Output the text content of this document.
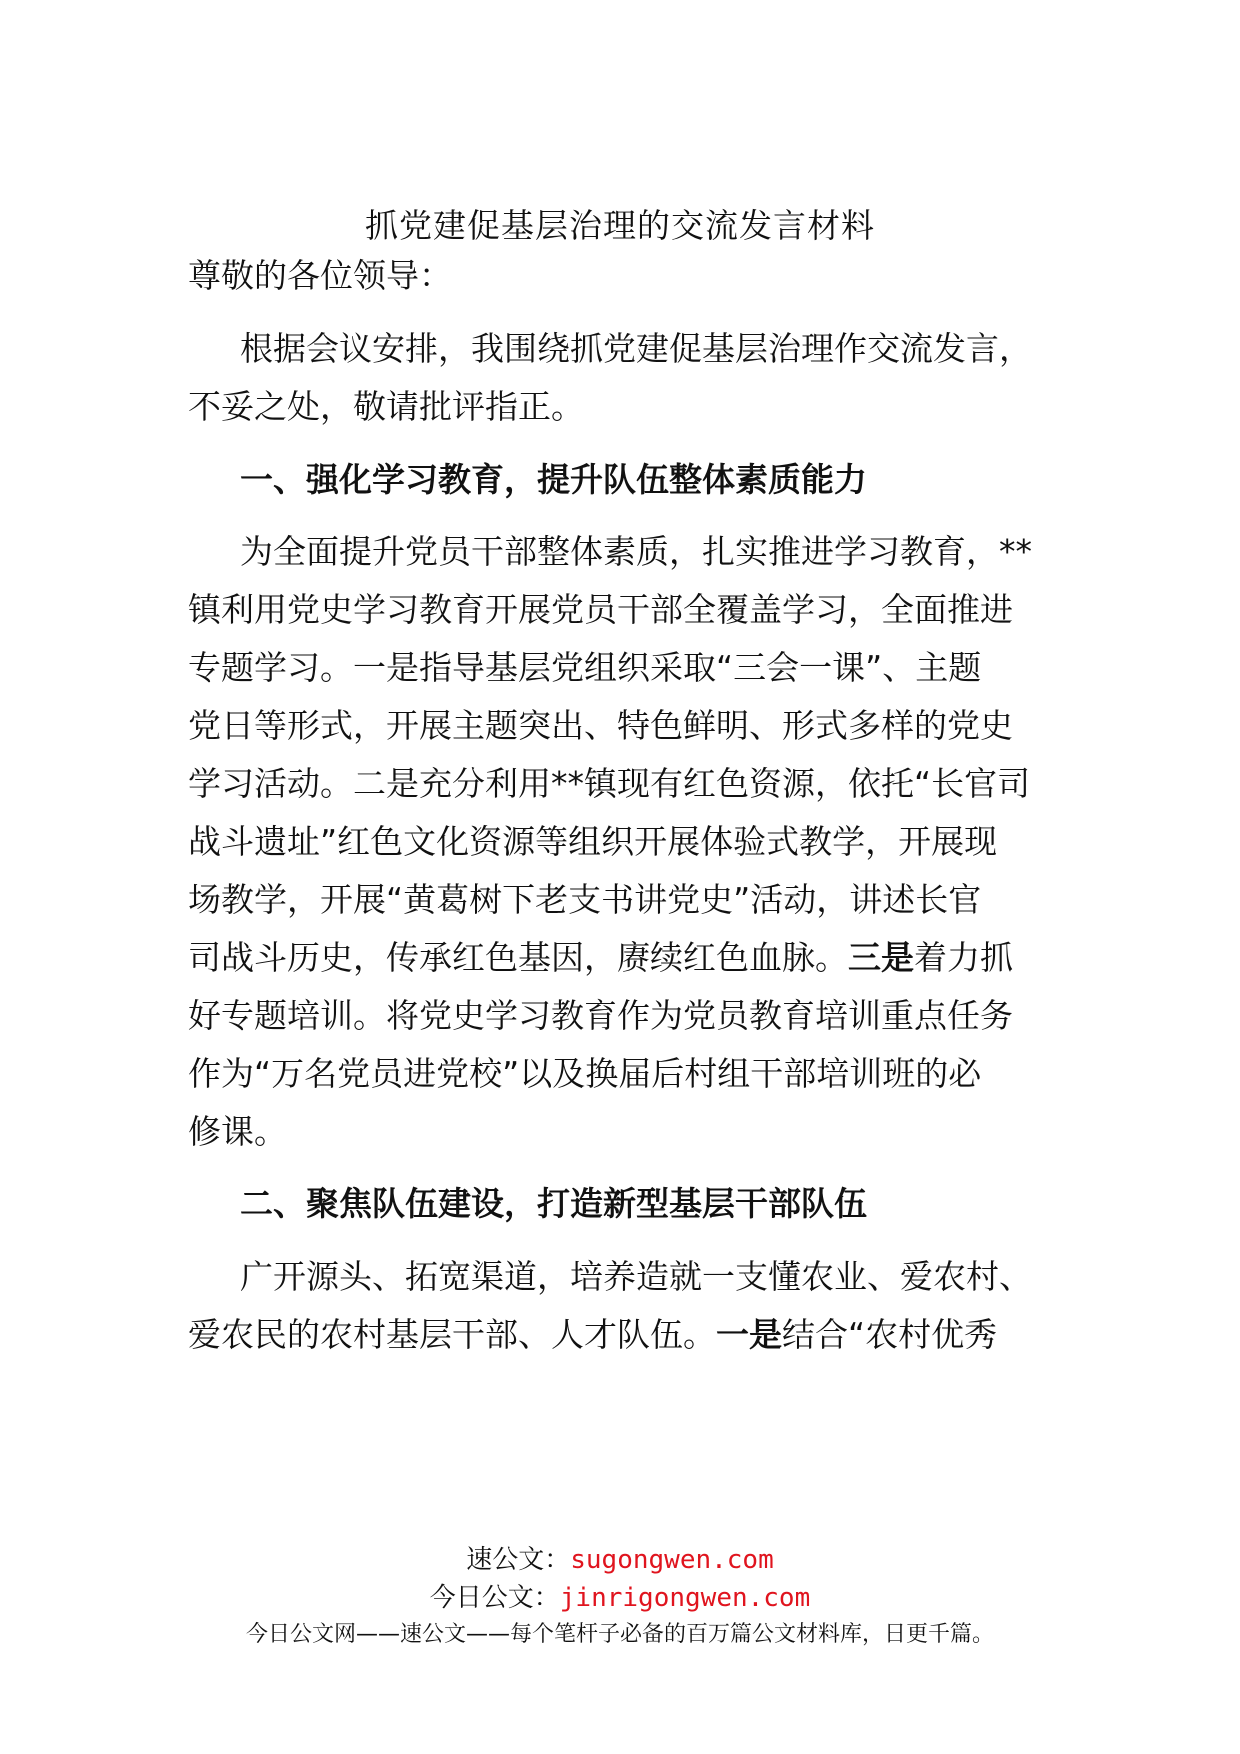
抓党建促基层治理的交流发言材料
尊敬的各位领导：
根据会议安排，我围绕抓党建促基层治理作交流发言，
不妥之处，敬请批评指正。
一、强化学习教育，提升队伍整体素质能力
为全面提升党员干部整体素质，扎实推进学习教育，**
镇利用党史学习教育开展党员干部全覆盖学习，全面推进
专题学习。一是指导基层党组织采取“三会一课”、主题
党日等形式，开展主题突出、特色鲜明、形式多样的党史
学习活动。二是充分利用**镇现有红色资源，依托“长官司
战斗遗址”红色文化资源等组织开展体验式教学，开展现
场教学，开展“黄葛树下老支书讲党史”活动，讲述长官
司战斗历史，传承红色基因，赓续红色血脉。三是着力抓
好专题培训。将党史学习教育作为党员教育培训重点任务
作为“万名党员进党校”以及换届后村组干部培训班的必
修课。
二、聚焦队伍建设，打造新型基层干部队伍
广开源头、拓宽渠道，培养造就一支懂农业、爱农村、
爱农民的农村基层干部、人才队伍。一是结合“农村优秀
速公文：sugongwen.com
今日公文：jinrigongwen.com
今日公文网——速公文——每个笔杆子必备的百万篇公文材料库，日更千篇。
